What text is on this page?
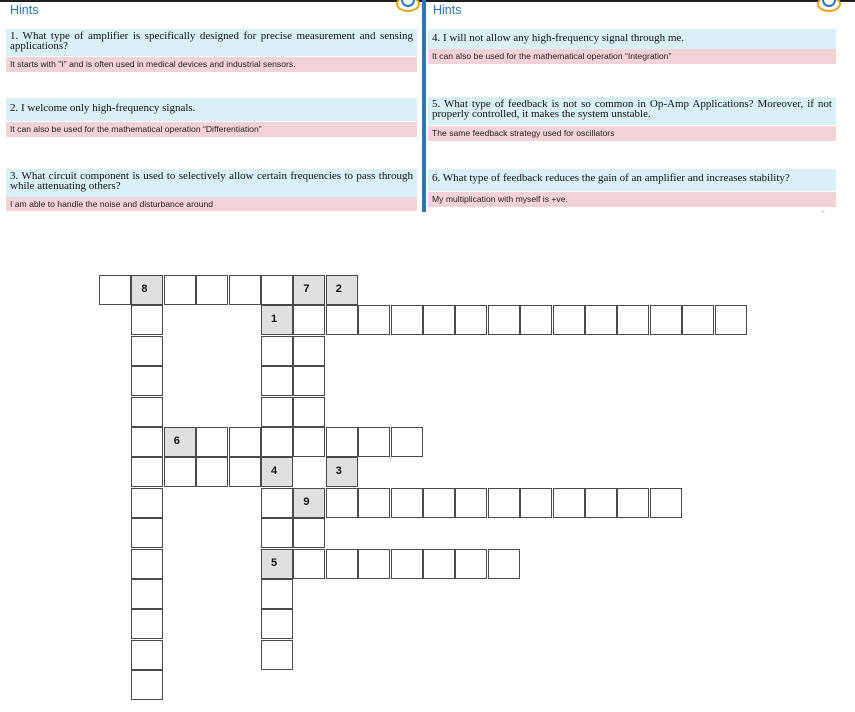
Hints
1. What type of amplifier is specifically designed for precise measurement and sensing applications?
It starts with "I" and is often used in medical devices and industrial sensors.
2. I welcome only high-frequency signals.
It can also be used for the mathematical operation “Differentiation”
3. What circuit component is used to selectively allow certain frequencies to pass through while attenuating others?
I am able to handle the noise and disturbance around
Hints
4. I will not allow any high-frequency signal through me.
It can also be used for the mathematical operation “Integration”
5. What type of feedback is not so common in Op-Amp Applications? Moreover, if not properly controlled, it makes the system unstable.
The same feedback strategy used for oscillators
6. What type of feedback reduces the gain of an amplifier and increases stability?
My multiplication with myself is +ve.
-
8	7 2
1
6
4	3
9
5
